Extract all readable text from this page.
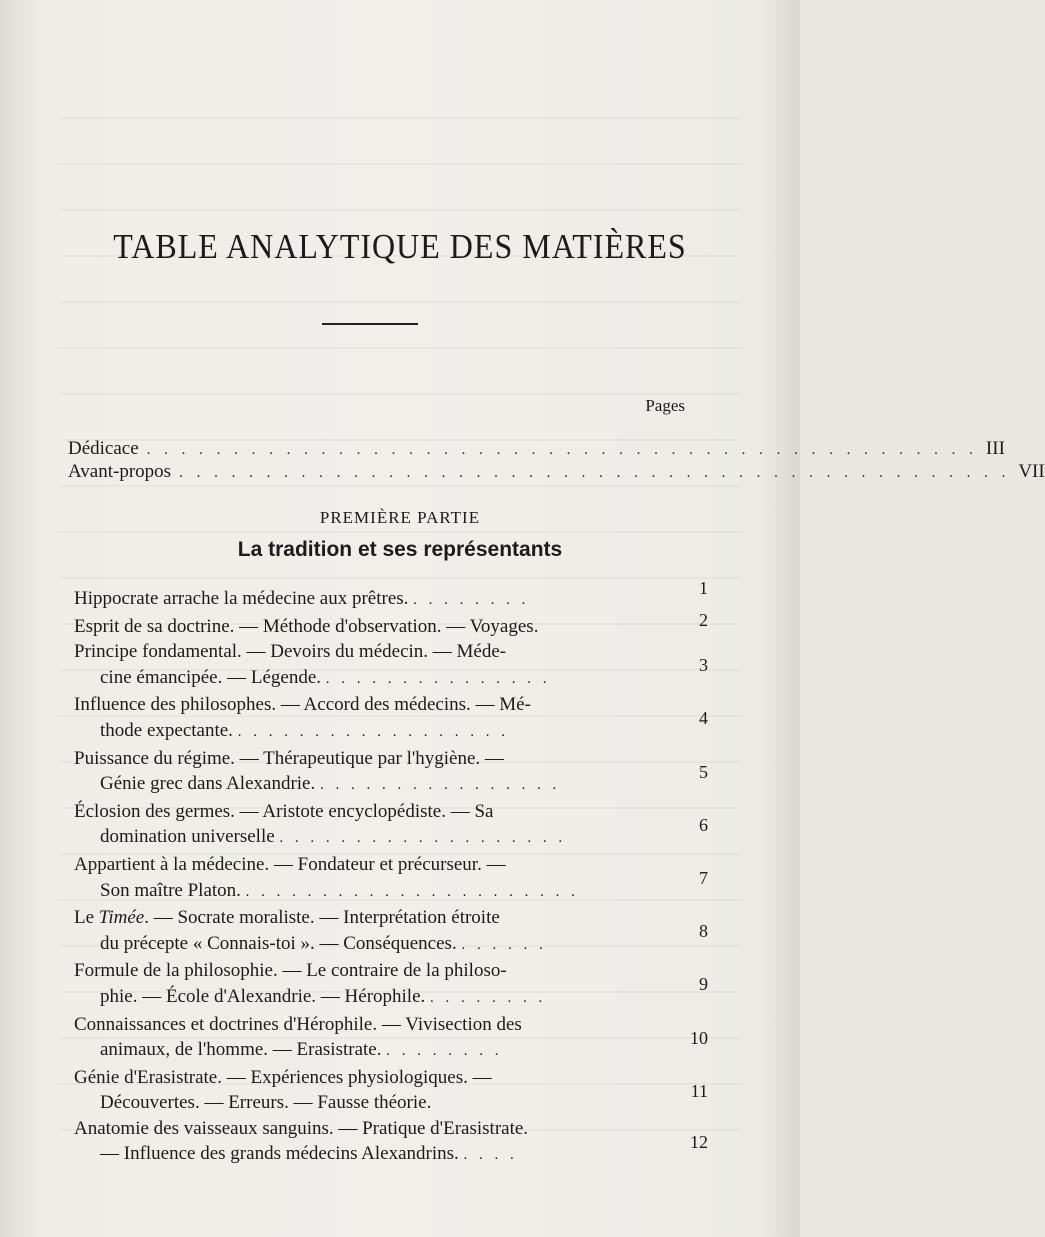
TABLE ANALYTIQUE DES MATIÈRES
Pages
Dédicace . . . . . . . . . . . . . . . . . . . . . . . . . . . . . . . . . . . . . . . . . . . . . . . . III
Avant-propos . . . . . . . . . . . . . . . . . . . . . . . . . . . . . . . . . . . . . . . . . . . . . . . . VII
PREMIÈRE PARTIE
La tradition et ses représentants
Hippocrate arrache la médecine aux prêtres. . . . . . . . .
1
Esprit de sa doctrine. — Méthode d'observation. — Voyages.	2
Principe fondamental. — Devoirs du médecin. — Méde-
cine émancipée. — Légende. . . . . . . . . . . . . . . .
3
Influence des philosophes. — Accord des médecins. — Mé-
thode expectante. . . . . . . . . . . . . . . . . . .
4
Puissance du régime. — Thérapeutique par l'hygiène. —
Génie grec dans Alexandrie. . . . . . . . . . . . . . . . .
5
Éclosion des germes. — Aristote encyclopédiste. — Sa
domination universelle . . . . . . . . . . . . . . . . . . .
6
Appartient à la médecine. — Fondateur et précurseur. —
Son maître Platon. . . . . . . . . . . . . . . . . . . . . . .
7
Le Timée. — Socrate moraliste. — Interprétation étroite
du précepte « Connais-toi ». — Conséquences. . . . . . .
8
Formule de la philosophie. — Le contraire de la philoso-
phie. — École d'Alexandrie. — Hérophile. . . . . . . . .
9
Connaissances et doctrines d'Hérophile. — Vivisection des
animaux, de l'homme. — Erasistrate. . . . . . . . .
10
Génie d'Erasistrate. — Expériences physiologiques. —
Découvertes. — Erreurs. — Fausse théorie.
11
Anatomie des vaisseaux sanguins. — Pratique d'Erasistrate.
— Influence des grands médecins Alexandrins. . . . .
12
